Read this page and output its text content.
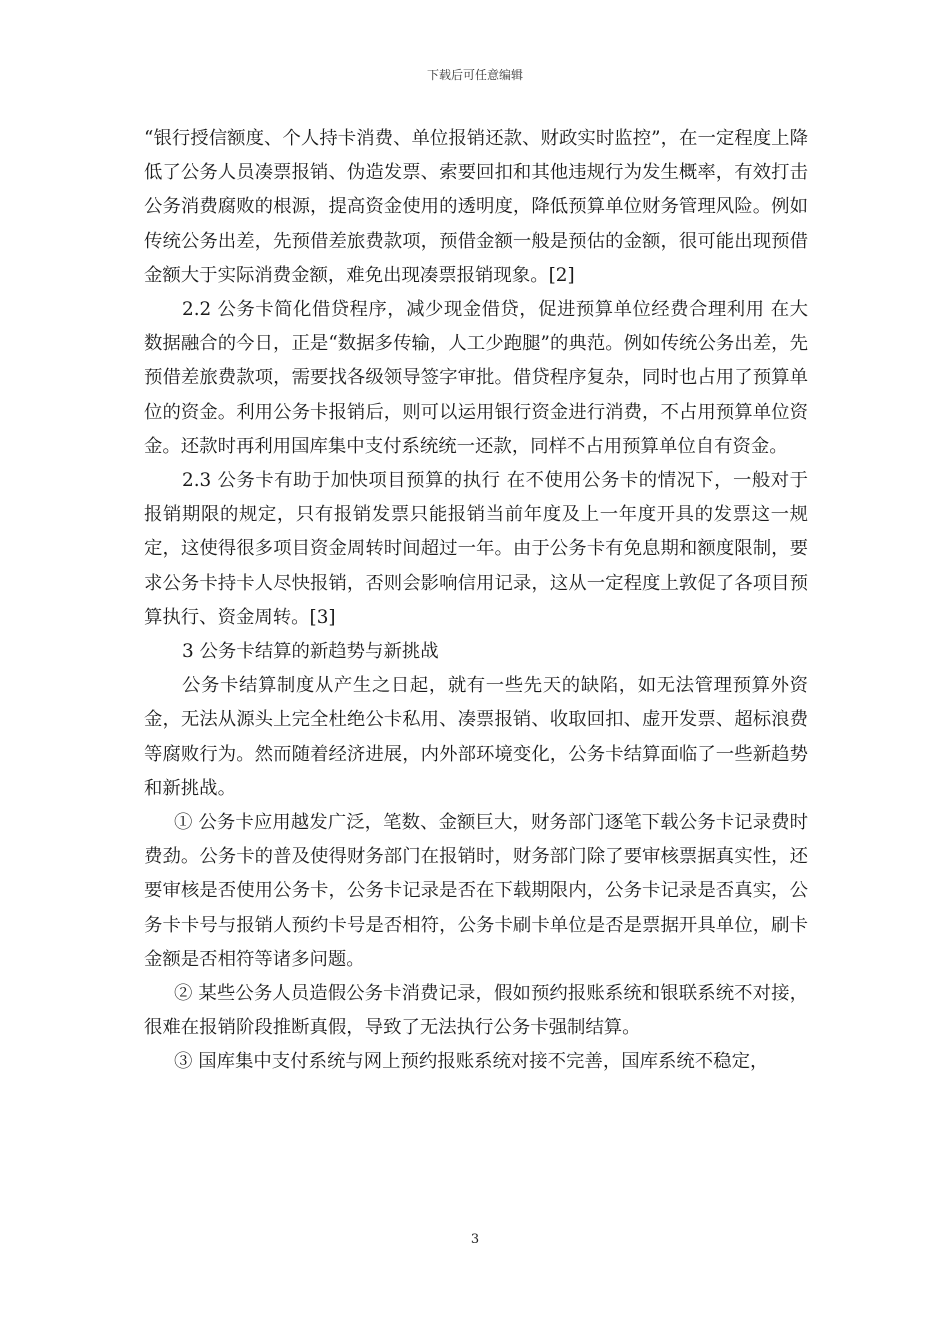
下载后可任意编辑

“银行授信额度、个人持卡消费、单位报销还款、财政实时监控”，在一定程度上降低了公务人员凑票报销、伪造发票、索要回扣和其他违规行为发生概率，有效打击公务消费腐败的根源，提高资金使用的透明度，降低预算单位财务管理风险。例如传统公务出差，先预借差旅费款项，预借金额一般是预估的金额，很可能出现预借金额大于实际消费金额，难免出现凑票报销现象。[2]

2.2 公务卡简化借贷程序，减少现金借贷，促进预算单位经费合理利用 在大数据融合的今日，正是“数据多传输，人工少跑腿”的典范。例如传统公务出差，先预借差旅费款项，需要找各级领导签字审批。借贷程序复杂，同时也占用了预算单位的资金。利用公务卡报销后，则可以运用银行资金进行消费，不占用预算单位资金。还款时再利用国库集中支付系统统一还款，同样不占用预算单位自有资金。

2.3 公务卡有助于加快项目预算的执行 在不使用公务卡的情况下，一般对于报销期限的规定，只有报销发票只能报销当前年度及上一年度开具的发票这一规定，这使得很多项目资金周转时间超过一年。由于公务卡有免息期和额度限制，要求公务卡持卡人尽快报销，否则会影响信用记录，这从一定程度上敦促了各项目预算执行、资金周转。[3]

3 公务卡结算的新趋势与新挑战

公务卡结算制度从产生之日起，就有一些先天的缺陷，如无法管理预算外资金，无法从源头上完全杜绝公卡私用、凑票报销、收取回扣、虚开发票、超标浪费等腐败行为。然而随着经济进展，内外部环境变化，公务卡结算面临了一些新趋势和新挑战。

① 公务卡应用越发广泛，笔数、金额巨大，财务部门逐笔下载公务卡记录费时费劲。公务卡的普及使得财务部门在报销时，财务部门除了要审核票据真实性，还要审核是否使用公务卡，公务卡记录是否在下载期限内，公务卡记录是否真实，公务卡卡号与报销人预约卡号是否相符，公务卡刷卡单位是否是票据开具单位，刷卡金额是否相符等诸多问题。

② 某些公务人员造假公务卡消费记录，假如预约报账系统和银联系统不对接，很难在报销阶段推断真假，导致了无法执行公务卡强制结算。

③ 国库集中支付系统与网上预约报账系统对接不完善，国库系统不稳定，

3
